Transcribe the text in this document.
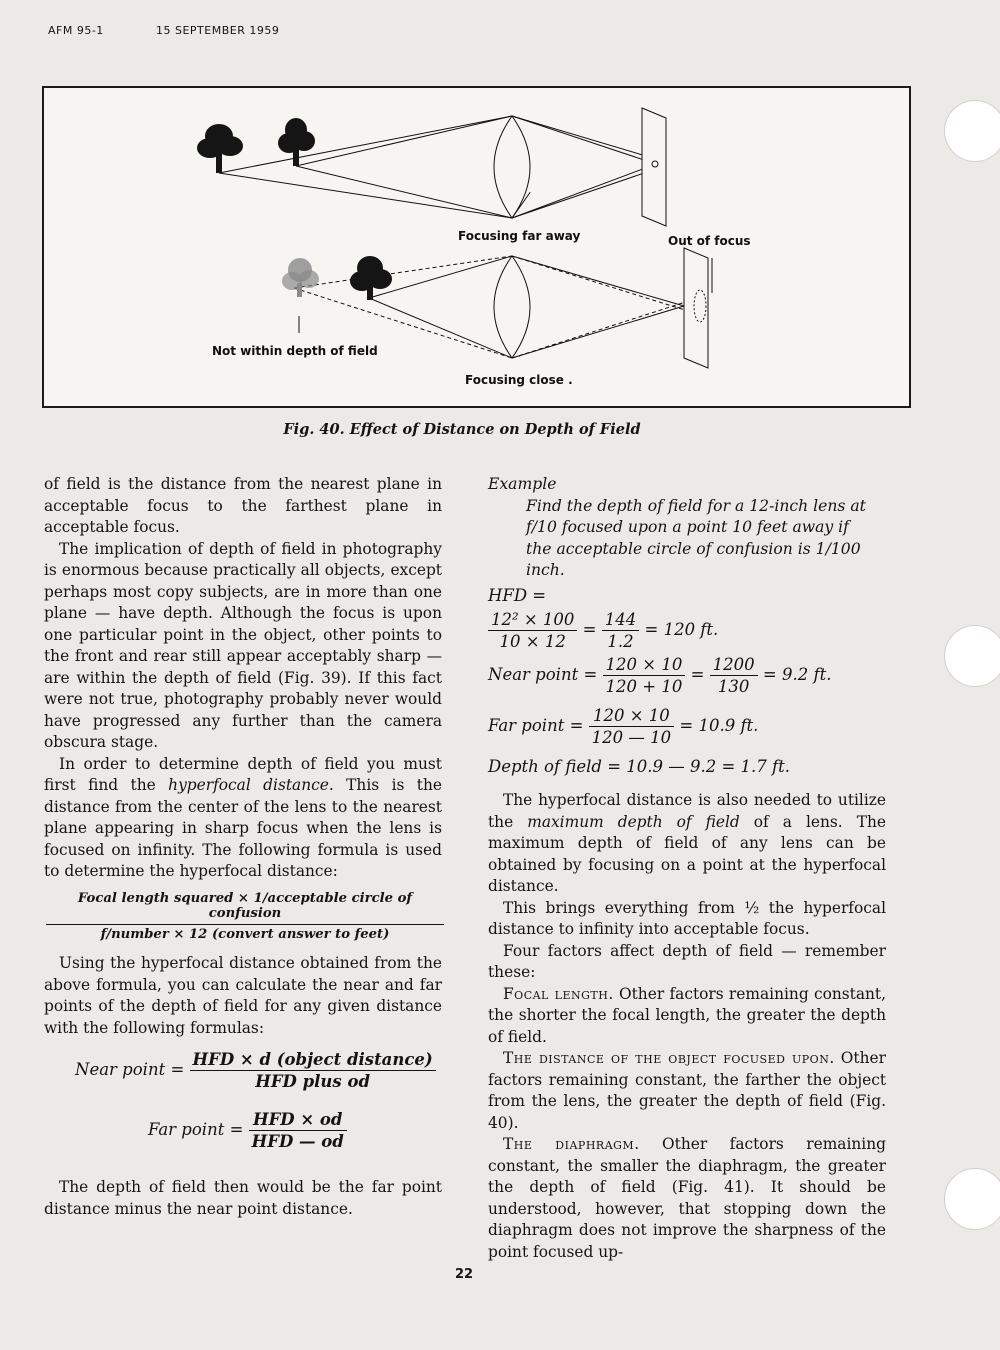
AFM 95-1	15 SEPTEMBER 1959
Focusing far away	Out of focus
Not within depth of field
Focusing close .
Fig. 40. Effect of Distance on Depth of Field

of field is the distance from the nearest plane in acceptable focus to the farthest plane in acceptable focus.

The implication of depth of field in photography is enormous because practically all objects, except perhaps most copy subjects, are in more than one plane — have depth. Although the focus is upon one particular point in the object, other points to the front and rear still appear acceptably sharp — are within the depth of field (Fig. 39). If this fact were not true, photography probably never would have progressed any further than the camera obscura stage.

In order to determine depth of field you must first find the hyperfocal distance. This is the distance from the center of the lens to the nearest plane appearing in sharp focus when the lens is focused on infinity. The following formula is used to determine the hyperfocal distance:

Focal length squared × 1/acceptable circle of confusion
f/number × 12 (convert answer to feet)

Using the hyperfocal distance obtained from the above formula, you can calculate the near and far points of the depth of field for any given distance with the following formulas:

Near point = $\frac{\text{HFD × d (object distance)}}{\text{HFD plus od}}$
Far point = $\frac{\text{HFD × od}}{\text{HFD — od}}$

The depth of field then would be the far point distance minus the near point distance.

Example
Find the depth of field for a 12-inch lens at f/10 focused upon a point 10 feet away if the acceptable circle of confusion is 1/100 inch.
HFD =
$\frac{\text{12² × 100}}{10 \times 12} = \frac{144}{1.2} = 120$ ft.
Near point = $\frac{120 \times 10}{120 + 10} = \frac{1200}{130} = 9.2$ ft.
Far point = $\frac{120 \times 10}{120 — 10} = 10.9$ ft.
Depth of field = 10.9 — 9.2 = 1.7 ft.

The hyperfocal distance is also needed to utilize the maximum depth of field of a lens. The maximum depth of field of any lens can be obtained by focusing on a point at the hyperfocal distance.

This brings everything from ½ the hyperfocal distance to infinity into acceptable focus.

Four factors affect depth of field — remember these:

Focal length. Other factors remaining constant, the shorter the focal length, the greater the depth of field.

The distance of the object focused upon. Other factors remaining constant, the farther the object from the lens, the greater the depth of field (Fig. 40).

The diaphragm. Other factors remaining constant, the smaller the diaphragm, the greater the depth of field (Fig. 41). It should be understood, however, that stopping down the diaphragm does not improve the sharpness of the point focused up-

22
